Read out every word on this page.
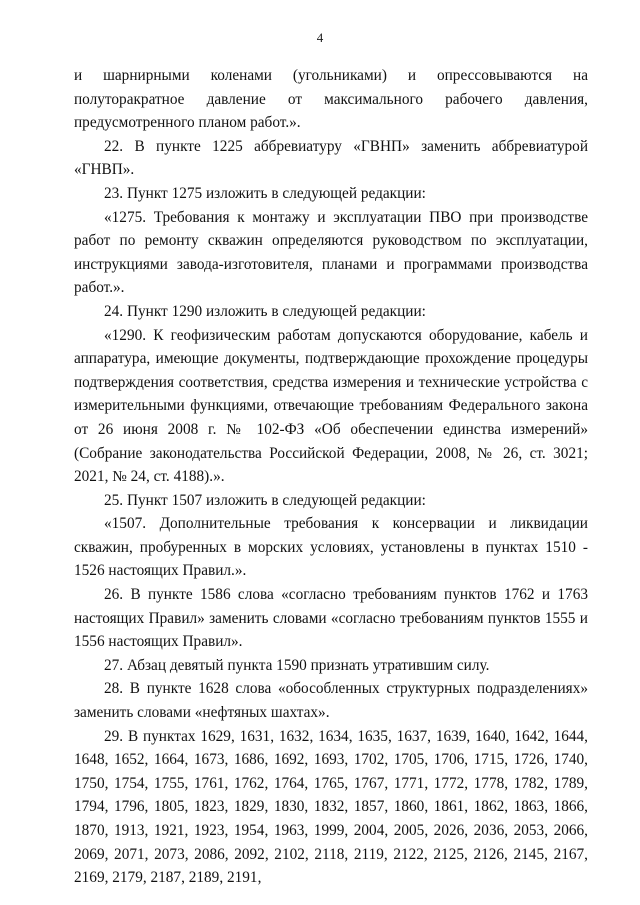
4

и шарнирными коленами (угольниками) и опрессовываются на полуторакратное давление от максимального рабочего давления, предусмотренного планом работ.».

22. В пункте 1225 аббревиатуру «ГВНП» заменить аббревиатурой «ГНВП».

23. Пункт 1275 изложить в следующей редакции:

«1275. Требования к монтажу и эксплуатации ПВО при производстве работ по ремонту скважин определяются руководством по эксплуатации, инструкциями завода-изготовителя, планами и программами производства работ.».

24. Пункт 1290 изложить в следующей редакции:

«1290. К геофизическим работам допускаются оборудование, кабель и аппаратура, имеющие документы, подтверждающие прохождение процедуры подтверждения соответствия, средства измерения и технические устройства с измерительными функциями, отвечающие требованиям Федерального закона от 26 июня 2008 г. № 102-ФЗ «Об обеспечении единства измерений» (Собрание законодательства Российской Федерации, 2008, № 26, ст. 3021; 2021, № 24, ст. 4188).».

25. Пункт 1507 изложить в следующей редакции:

«1507. Дополнительные требования к консервации и ликвидации скважин, пробуренных в морских условиях, установлены в пунктах 1510 - 1526 настоящих Правил.».

26. В пункте 1586 слова «согласно требованиям пунктов 1762 и 1763 настоящих Правил» заменить словами «согласно требованиям пунктов 1555 и 1556 настоящих Правил».

27. Абзац девятый пункта 1590 признать утратившим силу.

28. В пункте 1628 слова «обособленных структурных подразделениях» заменить словами «нефтяных шахтах».

29. В пунктах 1629, 1631, 1632, 1634, 1635, 1637, 1639, 1640, 1642, 1644, 1648, 1652, 1664, 1673, 1686, 1692, 1693, 1702, 1705, 1706, 1715, 1726, 1740, 1750, 1754, 1755, 1761, 1762, 1764, 1765, 1767, 1771, 1772, 1778, 1782, 1789, 1794, 1796, 1805, 1823, 1829, 1830, 1832, 1857, 1860, 1861, 1862, 1863, 1866, 1870, 1913, 1921, 1923, 1954, 1963, 1999, 2004, 2005, 2026, 2036, 2053, 2066, 2069, 2071, 2073, 2086, 2092, 2102, 2118, 2119, 2122, 2125, 2126, 2145, 2167, 2169, 2179, 2187, 2189, 2191,
